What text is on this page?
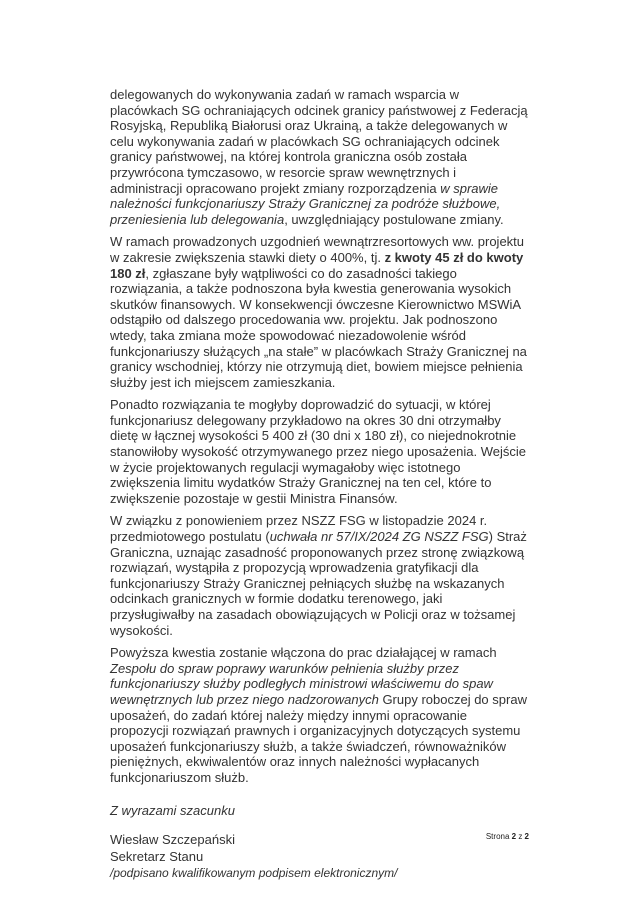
delegowanych do wykonywania zadań w ramach wsparcia w placówkach SG ochraniających odcinek granicy państwowej z Federacją Rosyjską, Republiką Białorusi oraz Ukrainą, a także delegowanych w celu wykonywania zadań w placówkach SG ochraniających odcinek granicy państwowej, na której kontrola graniczna osób została przywrócona tymczasowo, w resorcie spraw wewnętrznych i administracji opracowano projekt zmiany rozporządzenia w sprawie należności funkcjonariuszy Straży Granicznej za podróże służbowe, przeniesienia lub delegowania, uwzględniający postulowane zmiany.

W ramach prowadzonych uzgodnień wewnątrzresortowych ww. projektu w zakresie zwiększenia stawki diety o 400%, tj. z kwoty 45 zł do kwoty 180 zł, zgłaszane były wątpliwości co do zasadności takiego rozwiązania, a także podnoszona była kwestia generowania wysokich skutków finansowych. W konsekwencji ówczesne Kierownictwo MSWiA odstąpiło od dalszego procedowania ww. projektu. Jak podnoszono wtedy, taka zmiana może spowodować niezadowolenie wśród funkcjonariuszy służących „na stałe” w placówkach Straży Granicznej na granicy wschodniej, którzy nie otrzymują diet, bowiem miejsce pełnienia służby jest ich miejscem zamieszkania.

Ponadto rozwiązania te mogłyby doprowadzić do sytuacji, w której funkcjonariusz delegowany przykładowo na okres 30 dni otrzymałby dietę w łącznej wysokości 5 400 zł (30 dni x 180 zł), co niejednokrotnie stanowiłoby wysokość otrzymywanego przez niego uposażenia. Wejście w życie projektowanych regulacji wymagałoby więc istotnego zwiększenia limitu wydatków Straży Granicznej na ten cel, które to zwiększenie pozostaje w gestii Ministra Finansów.

W związku z ponowieniem przez NSZZ FSG w listopadzie 2024 r. przedmiotowego postulatu (uchwała nr 57/IX/2024 ZG NSZZ FSG) Straż Graniczna, uznając zasadność proponowanych przez stronę związkową rozwiązań, wystąpiła z propozycją wprowadzenia gratyfikacji dla funkcjonariuszy Straży Granicznej pełniących służbę na wskazanych odcinkach granicznych w formie dodatku terenowego, jaki przysługiwałby na zasadach obowiązujących w Policji oraz w tożsamej wysokości.

Powyższa kwestia zostanie włączona do prac działającej w ramach Zespołu do spraw poprawy warunków pełnienia służby przez funkcjonariuszy służby podległych ministrowi właściwemu do spaw wewnętrznych lub przez niego nadzorowanych Grupy roboczej do spraw uposażeń, do zadań której należy między innymi opracowanie propozycji rozwiązań prawnych i organizacyjnych dotyczących systemu uposażeń funkcjonariuszy służb, a także świadczeń, równoważników pieniężnych, ekwiwalentów oraz innych należności wypłacanych funkcjonariuszom służb.

Z wyrazami szacunku
Wiesław Szczepański
Sekretarz Stanu
/podpisano kwalifikowanym podpisem elektronicznym/
Strona 2 z 2
